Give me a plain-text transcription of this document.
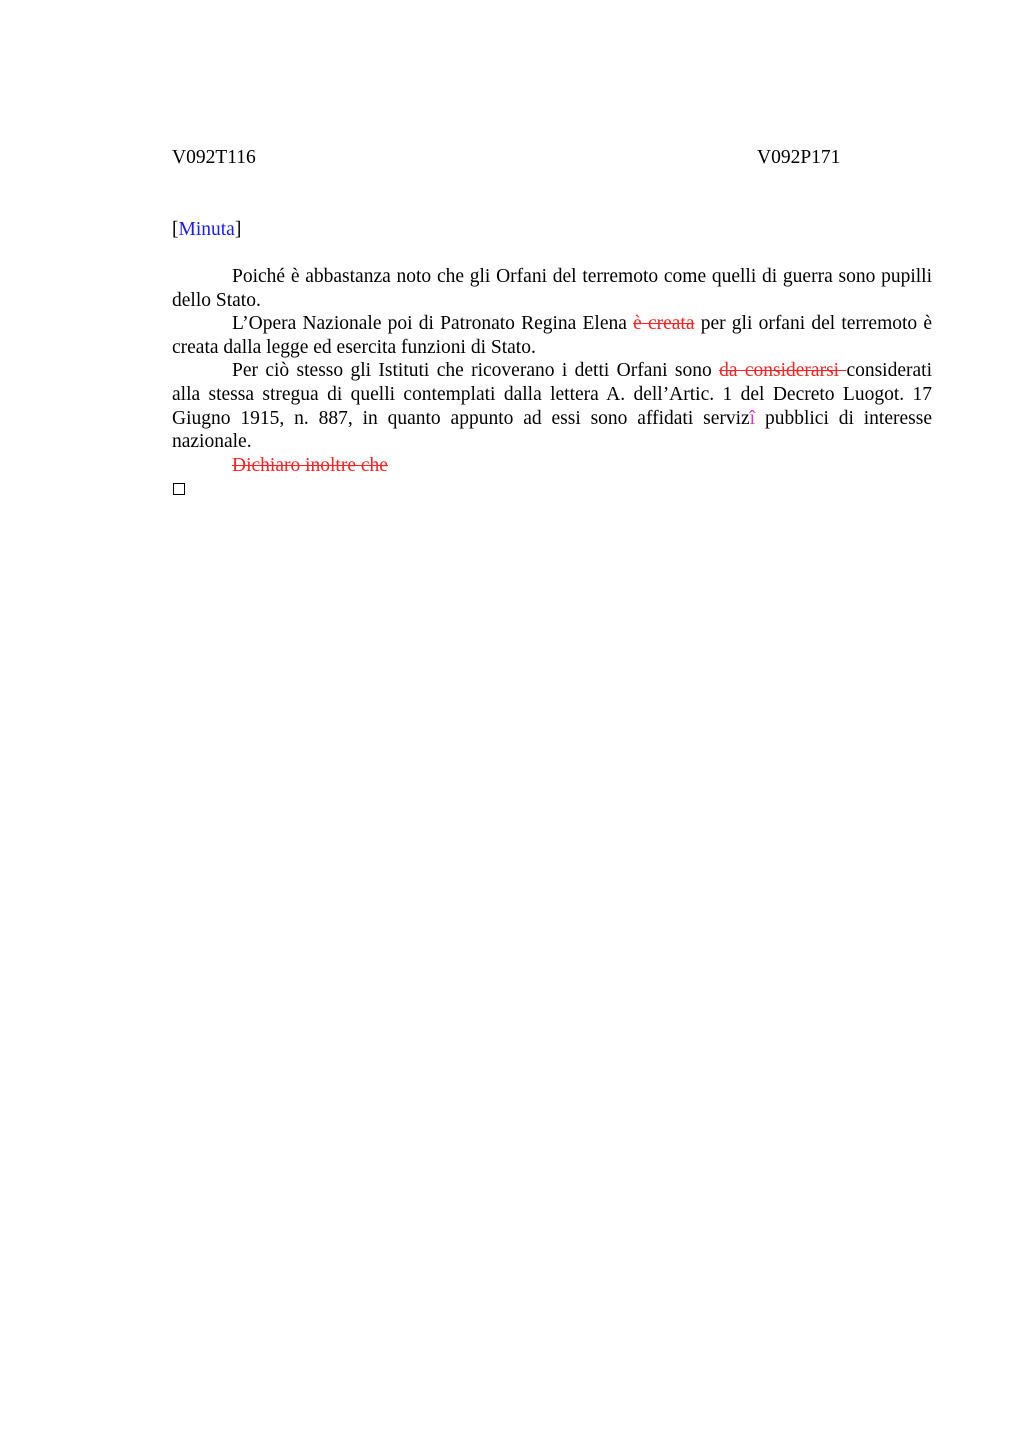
V092T116	V092P171
[Minuta]

Poiché è abbastanza noto che gli Orfani del terremoto come quelli di guerra sono pupilli dello Stato.

L’Opera Nazionale poi di Patronato Regina Elena è creata per gli orfani del terremoto è creata dalla legge ed esercita funzioni di Stato.

Per ciò stesso gli Istituti che ricoverano i detti Orfani sono da considerarsi considerati alla stessa stregua di quelli contemplati dalla lettera A. dell’Artic. 1 del Decreto Luogot. 17 Giugno 1915, n. 887, in quanto appunto ad essi sono affidati servizî pubblici di interesse nazionale.

Dichiaro inoltre che
